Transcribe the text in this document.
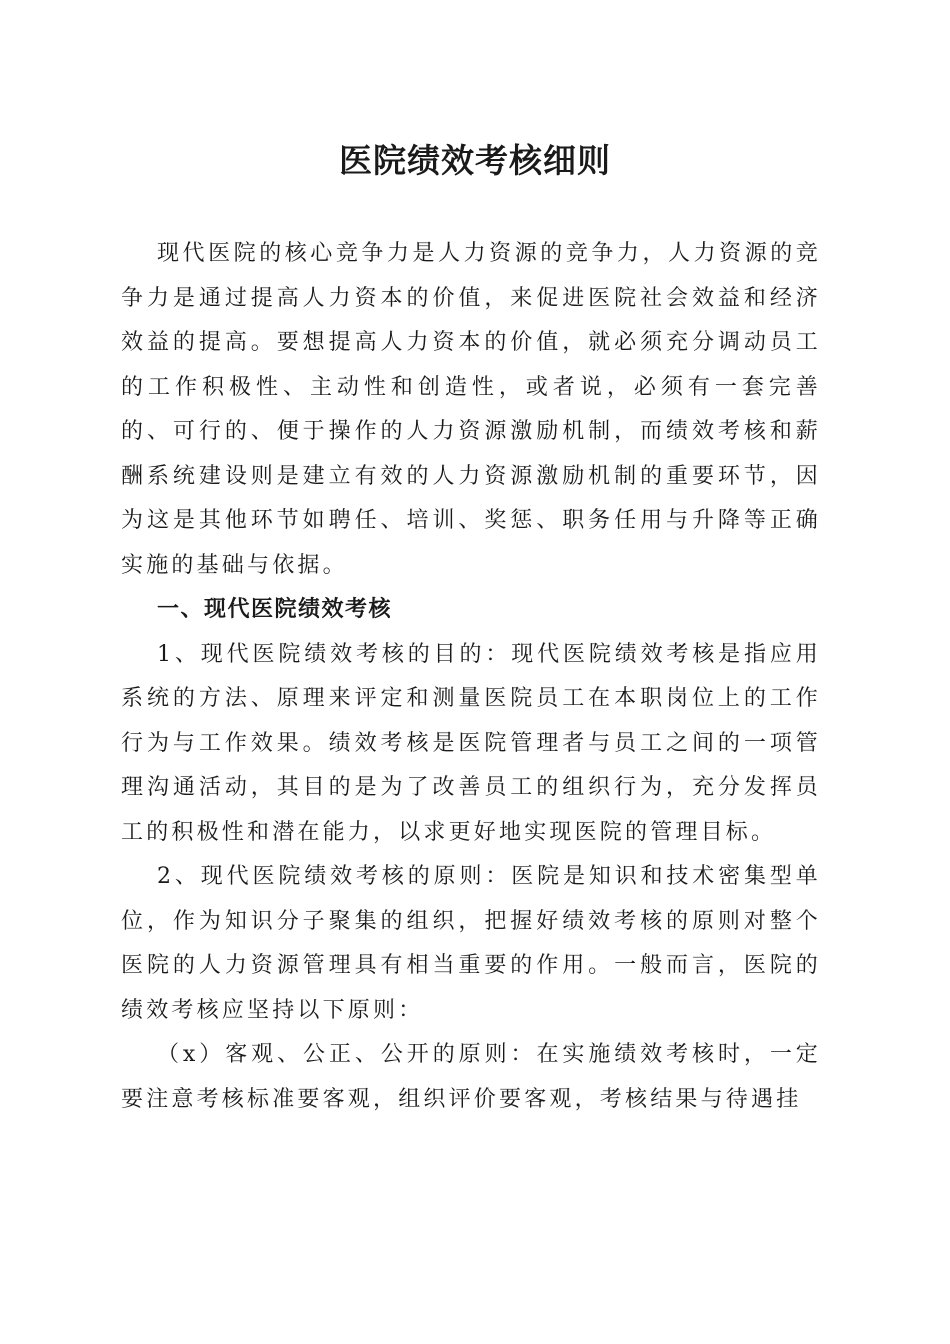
医院绩效考核细则

现代医院的核心竞争力是人力资源的竞争力，人力资源的竞争力是通过提高人力资本的价值，来促进医院社会效益和经济效益的提高。要想提高人力资本的价值，就必须充分调动员工的工作积极性、主动性和创造性，或者说，必须有一套完善的、可行的、便于操作的人力资源激励机制，而绩效考核和薪酬系统建设则是建立有效的人力资源激励机制的重要环节，因为这是其他环节如聘任、培训、奖惩、职务任用与升降等正确实施的基础与依据。

一、现代医院绩效考核

1、现代医院绩效考核的目的：现代医院绩效考核是指应用系统的方法、原理来评定和测量医院员工在本职岗位上的工作行为与工作效果。绩效考核是医院管理者与员工之间的一项管理沟通活动，其目的是为了改善员工的组织行为，充分发挥员工的积极性和潜在能力，以求更好地实现医院的管理目标。

2、现代医院绩效考核的原则：医院是知识和技术密集型单位，作为知识分子聚集的组织，把握好绩效考核的原则对整个医院的人力资源管理具有相当重要的作用。一般而言，医院的绩效考核应坚持以下原则：

（x）客观、公正、公开的原则：在实施绩效考核时，一定要注意考核标准要客观，组织评价要客观，考核结果与待遇挂
